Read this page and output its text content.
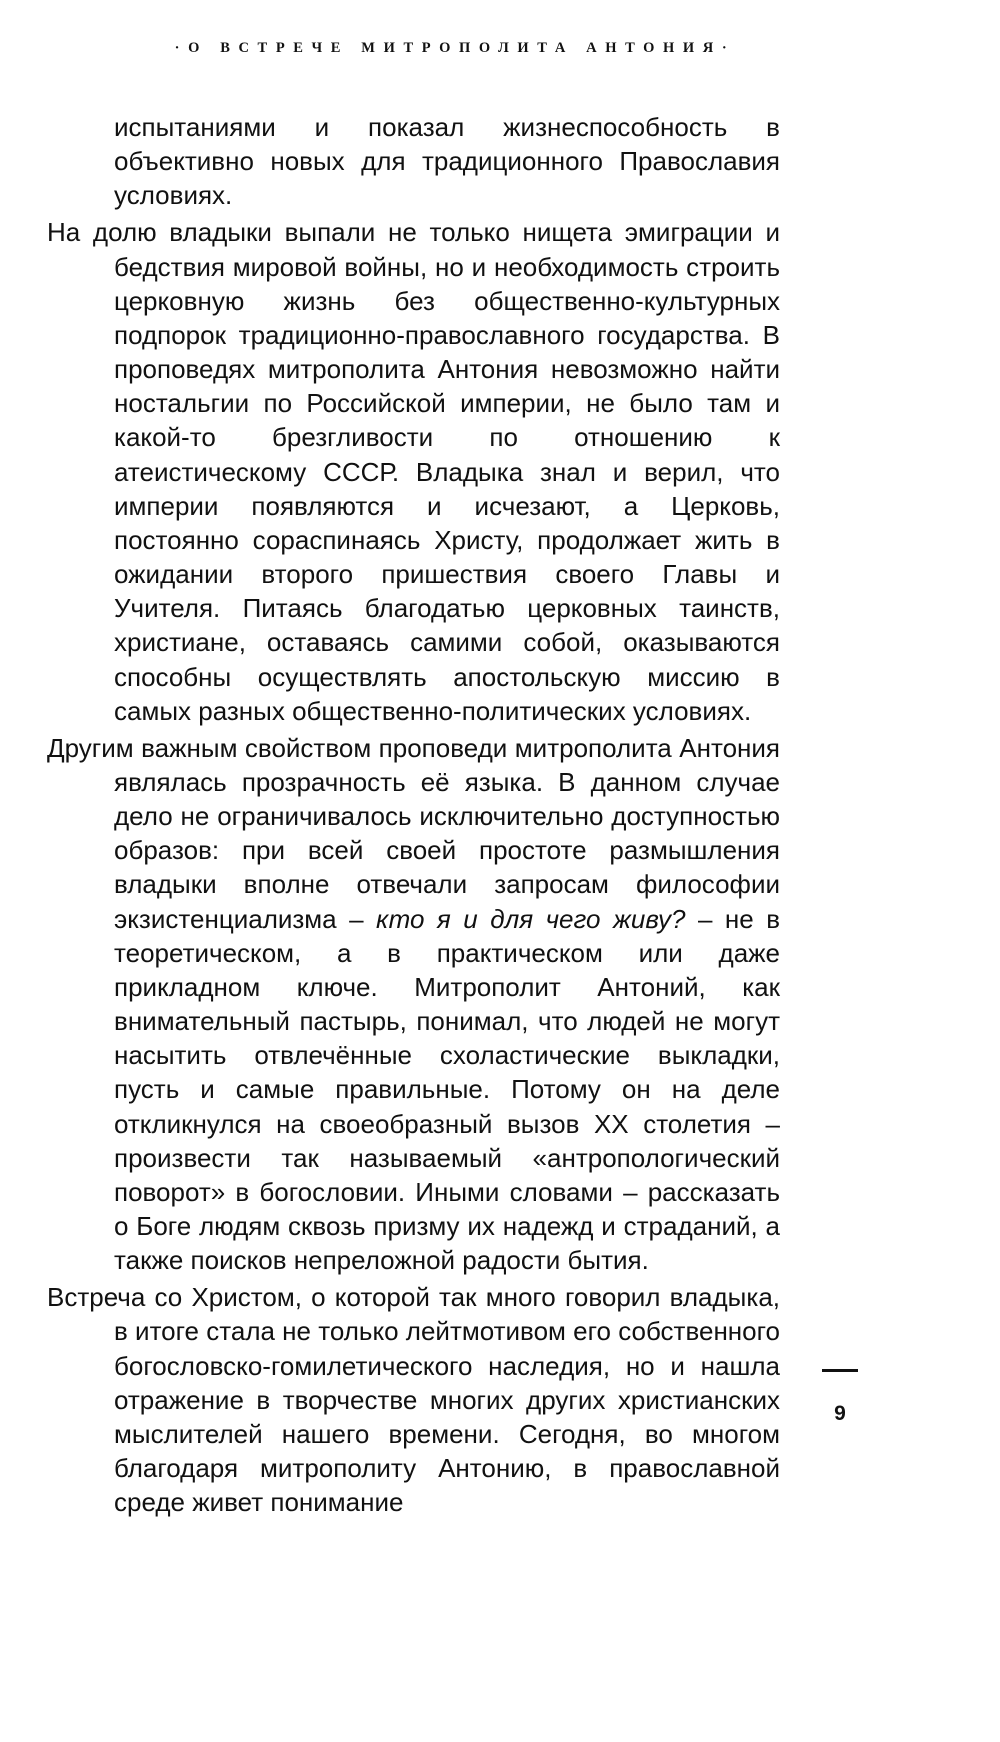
·О ВСТРЕЧЕ МИТРОПОЛИТА АНТОНИЯ·

испытаниями и показал жизнеспособность в объективно новых для традиционного Православия условиях.

На долю владыки выпали не только нищета эмиграции и бедствия мировой войны, но и необходимость строить церковную жизнь без общественно-культурных подпорок традиционно-православного государства. В проповедях митрополита Антония невозможно найти ностальгии по Российской империи, не было там и какой-то брезгливости по отношению к атеистическому СССР. Владыка знал и верил, что империи появляются и исчезают, а Церковь, постоянно сораспинаясь Христу, продолжает жить в ожидании второго пришествия своего Главы и Учителя. Питаясь благодатью церковных таинств, христиане, оставаясь самими собой, оказываются способны осуществлять апостольскую миссию в самых разных общественно-политических условиях.

Другим важным свойством проповеди митрополита Антония являлась прозрачность её языка. В данном случае дело не ограничивалось исключительно доступностью образов: при всей своей простоте размышления владыки вполне отвечали запросам философии экзистенциализма – кто я и для чего живу? – не в теоретическом, а в практическом или даже прикладном ключе. Митрополит Антоний, как внимательный пастырь, понимал, что людей не могут насытить отвлечённые схоластические выкладки, пусть и самые правильные. Потому он на деле откликнулся на своеобразный вызов XX столетия – произвести так называемый «антропологический поворот» в богословии. Иными словами – рассказать о Боге людям сквозь призму их надежд и страданий, а также поисков непреложной радости бытия.

Встреча со Христом, о которой так много говорил владыка, в итоге стала не только лейтмотивом его собственного богословско-гомилетического наследия, но и нашла отражение в творчестве многих других христианских мыслителей нашего времени. Сегодня, во многом благодаря митрополиту Антонию, в православной среде живет понимание

9
